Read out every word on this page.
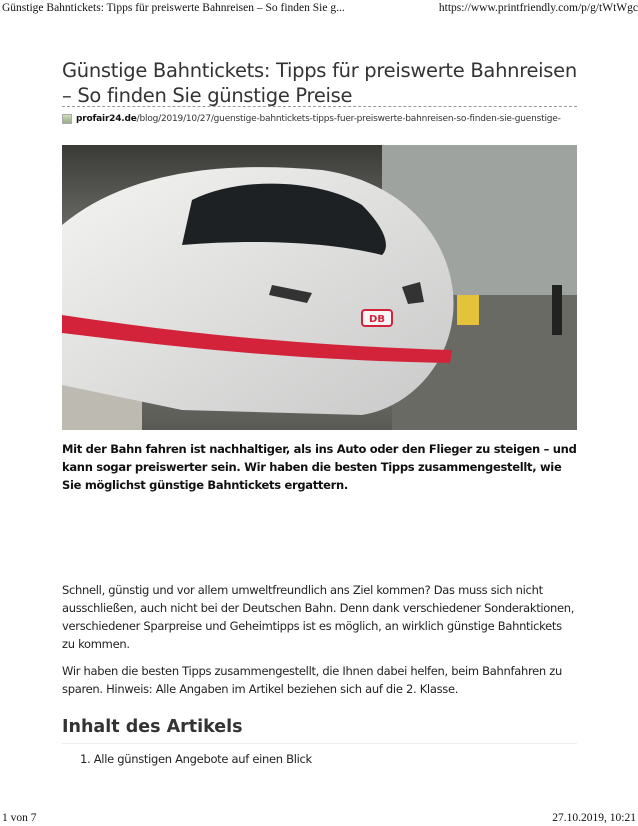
Günstige Bahntickets: Tipps für preiswerte Bahnreisen – So finden Sie g...	https://www.printfriendly.com/p/g/tWtWgc
Günstige Bahntickets: Tipps für preiswerte Bahnreisen – So finden Sie günstige Preise
profair24.de/blog/2019/10/27/guenstige-bahntickets-tipps-fuer-preiswerte-bahnreisen-so-finden-sie-guenstige-
DB

Mit der Bahn fahren ist nachhaltiger, als ins Auto oder den Flieger zu steigen – und kann sogar preiswerter sein. Wir haben die besten Tipps zusammengestellt, wie Sie möglichst günstige Bahntickets ergattern.

Schnell, günstig und vor allem umweltfreundlich ans Ziel kommen? Das muss sich nicht ausschließen, auch nicht bei der Deutschen Bahn. Denn dank verschiedener Sonderaktionen, verschiedener Sparpreise und Geheimtipps ist es möglich, an wirklich günstige Bahntickets zu kommen.

Wir haben die besten Tipps zusammengestellt, die Ihnen dabei helfen, beim Bahnfahren zu sparen. Hinweis: Alle Angaben im Artikel beziehen sich auf die 2. Klasse.

Inhalt des Artikels
1. Alle günstigen Angebote auf einen Blick
1 von 7	27.10.2019, 10:21
